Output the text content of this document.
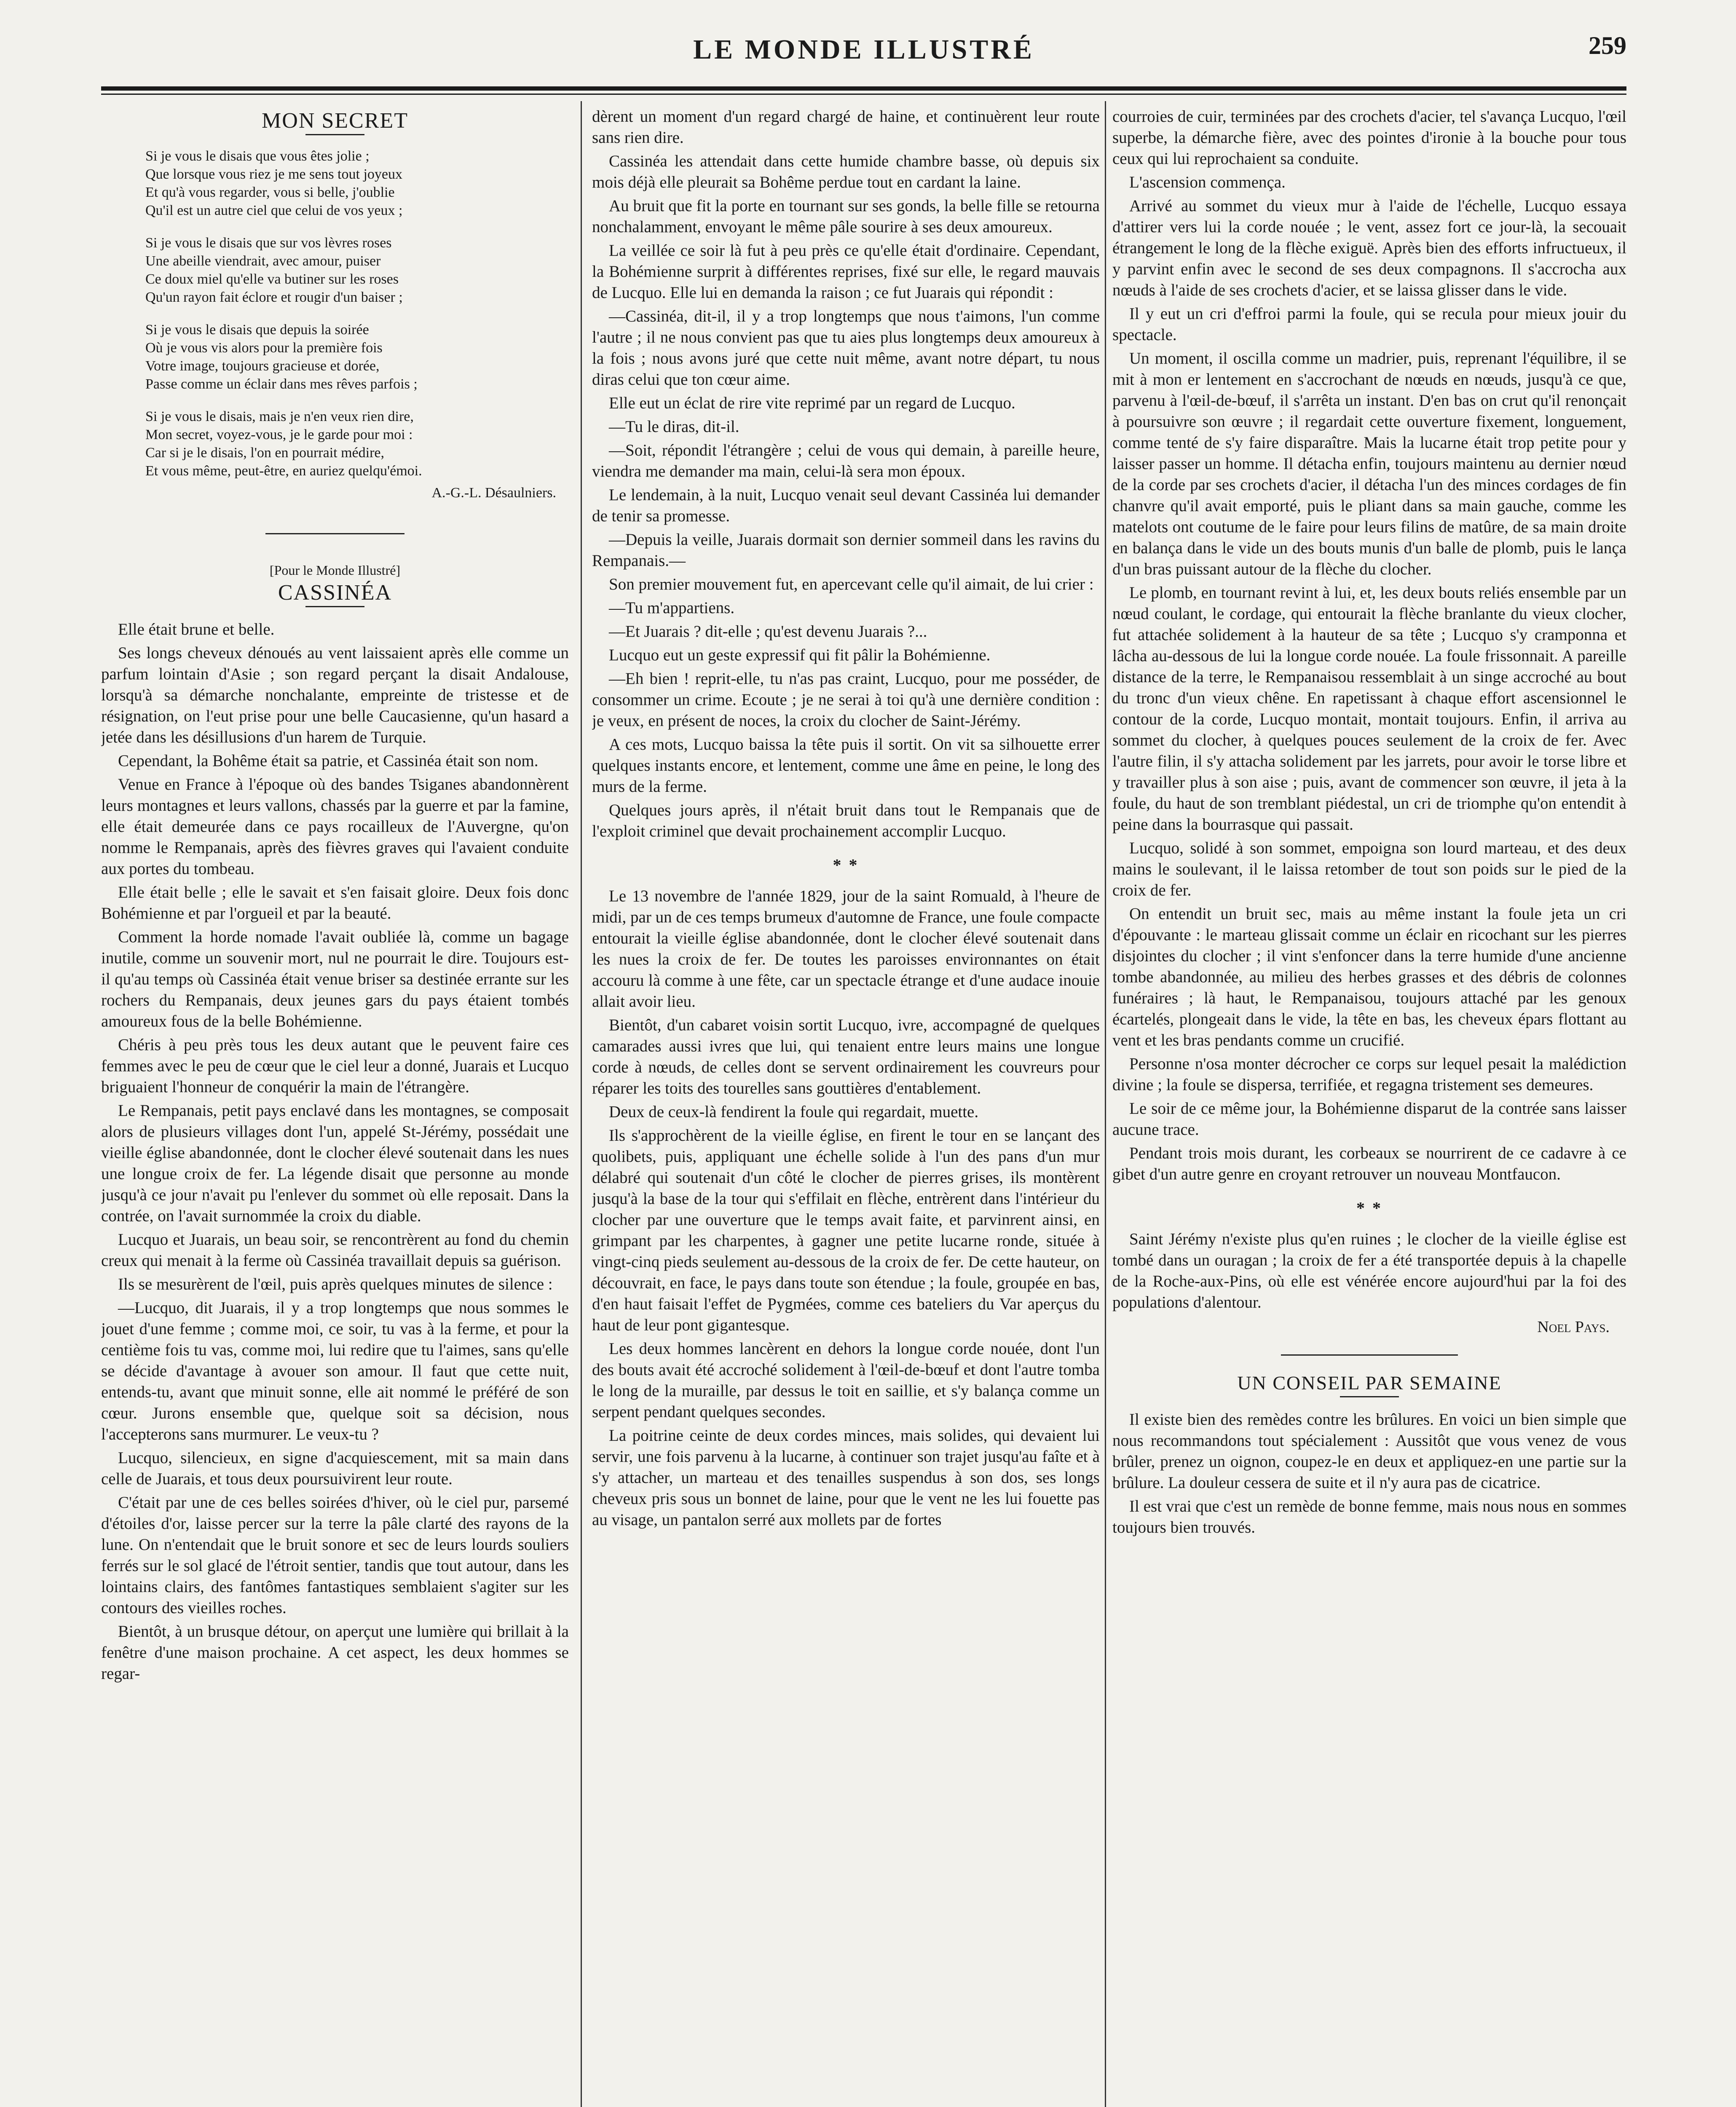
LE MONDE ILLUSTRÉ	259
MON SECRET
Si je vous le disais que vous êtes jolie ;
Que lorsque vous riez je me sens tout joyeux
Et qu'à vous regarder, vous si belle, j'oublie
Qu'il est un autre ciel que celui de vos yeux ;
Si je vous le disais que sur vos lèvres roses
Une abeille viendrait, avec amour, puiser
Ce doux miel qu'elle va butiner sur les roses
Qu'un rayon fait éclore et rougir d'un baiser ;
Si je vous le disais que depuis la soirée
Où je vous vis alors pour la première fois
Votre image, toujours gracieuse et dorée,
Passe comme un éclair dans mes rêves parfois ;
Si je vous le disais, mais je n'en veux rien dire,
Mon secret, voyez-vous, je le garde pour moi :
Car si je le disais, l'on en pourrait médire,
Et vous même, peut-être, en auriez quelqu'émoi.
A.-G.-L. Désaulniers.
[Pour le Monde Illustré]
CASSINÉA

Elle était brune et belle.

Ses longs cheveux dénoués au vent laissaient après elle comme un parfum lointain d'Asie ; son regard perçant la disait Andalouse, lorsqu'à sa démarche nonchalante, empreinte de tristesse et de résignation, on l'eut prise pour une belle Caucasienne, qu'un hasard a jetée dans les désillusions d'un harem de Turquie.

Cependant, la Bohême était sa patrie, et Cassinéa était son nom.

Venue en France à l'époque où des bandes Tsiganes abandonnèrent leurs montagnes et leurs vallons, chassés par la guerre et par la famine, elle était demeurée dans ce pays rocailleux de l'Auvergne, qu'on nomme le Rempanais, après des fièvres graves qui l'avaient conduite aux portes du tombeau.

Elle était belle ; elle le savait et s'en faisait gloire. Deux fois donc Bohémienne et par l'orgueil et par la beauté.

Comment la horde nomade l'avait oubliée là, comme un bagage inutile, comme un souvenir mort, nul ne pourrait le dire. Toujours est-il qu'au temps où Cassinéa était venue briser sa destinée errante sur les rochers du Rempanais, deux jeunes gars du pays étaient tombés amoureux fous de la belle Bohémienne.

Chéris à peu près tous les deux autant que le peuvent faire ces femmes avec le peu de cœur que le ciel leur a donné, Juarais et Lucquo briguaient l'honneur de conquérir la main de l'étrangère.

Le Rempanais, petit pays enclavé dans les montagnes, se composait alors de plusieurs villages dont l'un, appelé St-Jérémy, possédait une vieille église abandonnée, dont le clocher élevé soutenait dans les nues une longue croix de fer. La légende disait que personne au monde jusqu'à ce jour n'avait pu l'enlever du sommet où elle reposait. Dans la contrée, on l'avait surnommée la croix du diable.

Lucquo et Juarais, un beau soir, se rencontrèrent au fond du chemin creux qui menait à la ferme où Cassinéa travaillait depuis sa guérison.

Ils se mesurèrent de l'œil, puis après quelques minutes de silence :

—Lucquo, dit Juarais, il y a trop longtemps que nous sommes le jouet d'une femme ; comme moi, ce soir, tu vas à la ferme, et pour la centième fois tu vas, comme moi, lui redire que tu l'aimes, sans qu'elle se décide d'avantage à avouer son amour. Il faut que cette nuit, entends-tu, avant que minuit sonne, elle ait nommé le préféré de son cœur. Jurons ensemble que, quelque soit sa décision, nous l'accepterons sans murmurer. Le veux-tu ?

Lucquo, silencieux, en signe d'acquiescement, mit sa main dans celle de Juarais, et tous deux poursuivirent leur route.

C'était par une de ces belles soirées d'hiver, où le ciel pur, parsemé d'étoiles d'or, laisse percer sur la terre la pâle clarté des rayons de la lune. On n'entendait que le bruit sonore et sec de leurs lourds souliers ferrés sur le sol glacé de l'étroit sentier, tandis que tout autour, dans les lointains clairs, des fantômes fantastiques semblaient s'agiter sur les contours des vieilles roches.

Bientôt, à un brusque détour, on aperçut une lumière qui brillait à la fenêtre d'une maison prochaine. A cet aspect, les deux hommes se regar-

dèrent un moment d'un regard chargé de haine, et continuèrent leur route sans rien dire.

Cassinéa les attendait dans cette humide chambre basse, où depuis six mois déjà elle pleurait sa Bohême perdue tout en cardant la laine.

Au bruit que fit la porte en tournant sur ses gonds, la belle fille se retourna nonchalamment, envoyant le même pâle sourire à ses deux amoureux.

La veillée ce soir là fut à peu près ce qu'elle était d'ordinaire. Cependant, la Bohémienne surprit à différentes reprises, fixé sur elle, le regard mauvais de Lucquo. Elle lui en demanda la raison ; ce fut Juarais qui répondit :

—Cassinéa, dit-il, il y a trop longtemps que nous t'aimons, l'un comme l'autre ; il ne nous convient pas que tu aies plus longtemps deux amoureux à la fois ; nous avons juré que cette nuit même, avant notre départ, tu nous diras celui que ton cœur aime.

Elle eut un éclat de rire vite reprimé par un regard de Lucquo.

—Tu le diras, dit-il.

—Soit, répondit l'étrangère ; celui de vous qui demain, à pareille heure, viendra me demander ma main, celui-là sera mon époux.

Le lendemain, à la nuit, Lucquo venait seul devant Cassinéa lui demander de tenir sa promesse.

—Depuis la veille, Juarais dormait son dernier sommeil dans les ravins du Rempanais.—

Son premier mouvement fut, en apercevant celle qu'il aimait, de lui crier :

—Tu m'appartiens.

—Et Juarais ? dit-elle ; qu'est devenu Juarais ?...

Lucquo eut un geste expressif qui fit pâlir la Bohémienne.

—Eh bien ! reprit-elle, tu n'as pas craint, Lucquo, pour me posséder, de consommer un crime. Ecoute ; je ne serai à toi qu'à une dernière condition : je veux, en présent de noces, la croix du clocher de Saint-Jérémy.

A ces mots, Lucquo baissa la tête puis il sortit. On vit sa silhouette errer quelques instants encore, et lentement, comme une âme en peine, le long des murs de la ferme.

Quelques jours après, il n'était bruit dans tout le Rempanais que de l'exploit criminel que devait prochainement accomplir Lucquo.

* *

Le 13 novembre de l'année 1829, jour de la saint Romuald, à l'heure de midi, par un de ces temps brumeux d'automne de France, une foule compacte entourait la vieille église abandonnée, dont le clocher élevé soutenait dans les nues la croix de fer. De toutes les paroisses environnantes on était accouru là comme à une fête, car un spectacle étrange et d'une audace inouie allait avoir lieu.

Bientôt, d'un cabaret voisin sortit Lucquo, ivre, accompagné de quelques camarades aussi ivres que lui, qui tenaient entre leurs mains une longue corde à nœuds, de celles dont se servent ordinairement les couvreurs pour réparer les toits des tourelles sans gouttières d'entablement.

Deux de ceux-là fendirent la foule qui regardait, muette.

Ils s'approchèrent de la vieille église, en firent le tour en se lançant des quolibets, puis, appliquant une échelle solide à l'un des pans d'un mur délabré qui soutenait d'un côté le clocher de pierres grises, ils montèrent jusqu'à la base de la tour qui s'effilait en flèche, entrèrent dans l'intérieur du clocher par une ouverture que le temps avait faite, et parvinrent ainsi, en grimpant par les charpentes, à gagner une petite lucarne ronde, située à vingt-cinq pieds seulement au-dessous de la croix de fer. De cette hauteur, on découvrait, en face, le pays dans toute son étendue ; la foule, groupée en bas, d'en haut faisait l'effet de Pygmées, comme ces bateliers du Var aperçus du haut de leur pont gigantesque.

Les deux hommes lancèrent en dehors la longue corde nouée, dont l'un des bouts avait été accroché solidement à l'œil-de-bœuf et dont l'autre tomba le long de la muraille, par dessus le toit en saillie, et s'y balança comme un serpent pendant quelques secondes.

La poitrine ceinte de deux cordes minces, mais solides, qui devaient lui servir, une fois parvenu à la lucarne, à continuer son trajet jusqu'au faîte et à s'y attacher, un marteau et des tenailles suspendus à son dos, ses longs cheveux pris sous un bonnet de laine, pour que le vent ne les lui fouette pas au visage, un pantalon serré aux mollets par de fortes

courroies de cuir, terminées par des crochets d'acier, tel s'avança Lucquo, l'œil superbe, la démarche fière, avec des pointes d'ironie à la bouche pour tous ceux qui lui reprochaient sa conduite.

L'ascension commença.

Arrivé au sommet du vieux mur à l'aide de l'échelle, Lucquo essaya d'attirer vers lui la corde nouée ; le vent, assez fort ce jour-là, la secouait étrangement le long de la flèche exiguë. Après bien des efforts infructueux, il y parvint enfin avec le second de ses deux compagnons. Il s'accrocha aux nœuds à l'aide de ses crochets d'acier, et se laissa glisser dans le vide.

Il y eut un cri d'effroi parmi la foule, qui se recula pour mieux jouir du spectacle.

Un moment, il oscilla comme un madrier, puis, reprenant l'équilibre, il se mit à mon er lentement en s'accrochant de nœuds en nœuds, jusqu'à ce que, parvenu à l'œil-de-bœuf, il s'arrêta un instant. D'en bas on crut qu'il renonçait à poursuivre son œuvre ; il regardait cette ouverture fixement, longuement, comme tenté de s'y faire disparaître. Mais la lucarne était trop petite pour y laisser passer un homme. Il détacha enfin, toujours maintenu au dernier nœud de la corde par ses crochets d'acier, il détacha l'un des minces cordages de fin chanvre qu'il avait emporté, puis le pliant dans sa main gauche, comme les matelots ont coutume de le faire pour leurs filins de matûre, de sa main droite en balança dans le vide un des bouts munis d'un balle de plomb, puis le lança d'un bras puissant autour de la flèche du clocher.

Le plomb, en tournant revint à lui, et, les deux bouts reliés ensemble par un nœud coulant, le cordage, qui entourait la flèche branlante du vieux clocher, fut attachée solidement à la hauteur de sa tête ; Lucquo s'y cramponna et lâcha au-dessous de lui la longue corde nouée. La foule frissonnait. A pareille distance de la terre, le Rempanaisou ressemblait à un singe accroché au bout du tronc d'un vieux chêne. En rapetissant à chaque effort ascensionnel le contour de la corde, Lucquo montait, montait toujours. Enfin, il arriva au sommet du clocher, à quelques pouces seulement de la croix de fer. Avec l'autre filin, il s'y attacha solidement par les jarrets, pour avoir le torse libre et y travailler plus à son aise ; puis, avant de commencer son œuvre, il jeta à la foule, du haut de son tremblant piédestal, un cri de triomphe qu'on entendit à peine dans la bourrasque qui passait.

Lucquo, solidé à son sommet, empoigna son lourd marteau, et des deux mains le soulevant, il le laissa retomber de tout son poids sur le pied de la croix de fer.

On entendit un bruit sec, mais au même instant la foule jeta un cri d'épouvante : le marteau glissait comme un éclair en ricochant sur les pierres disjointes du clocher ; il vint s'enfoncer dans la terre humide d'une ancienne tombe abandonnée, au milieu des herbes grasses et des débris de colonnes funéraires ; là haut, le Rempanaisou, toujours attaché par les genoux écartelés, plongeait dans le vide, la tête en bas, les cheveux épars flottant au vent et les bras pendants comme un crucifié.

Personne n'osa monter décrocher ce corps sur lequel pesait la malédiction divine ; la foule se dispersa, terrifiée, et regagna tristement ses demeures.

Le soir de ce même jour, la Bohémienne disparut de la contrée sans laisser aucune trace.

Pendant trois mois durant, les corbeaux se nourrirent de ce cadavre à ce gibet d'un autre genre en croyant retrouver un nouveau Montfaucon.

* *

Saint Jérémy n'existe plus qu'en ruines ; le clocher de la vieille église est tombé dans un ouragan ; la croix de fer a été transportée depuis à la chapelle de la Roche-aux-Pins, où elle est vénérée encore aujourd'hui par la foi des populations d'alentour.

Noel Pays.
UN CONSEIL PAR SEMAINE

Il existe bien des remèdes contre les brûlures. En voici un bien simple que nous recommandons tout spécialement : Aussitôt que vous venez de vous brûler, prenez un oignon, coupez-le en deux et appliquez-en une partie sur la brûlure. La douleur cessera de suite et il n'y aura pas de cicatrice.

Il est vrai que c'est un remède de bonne femme, mais nous nous en sommes toujours bien trouvés.
